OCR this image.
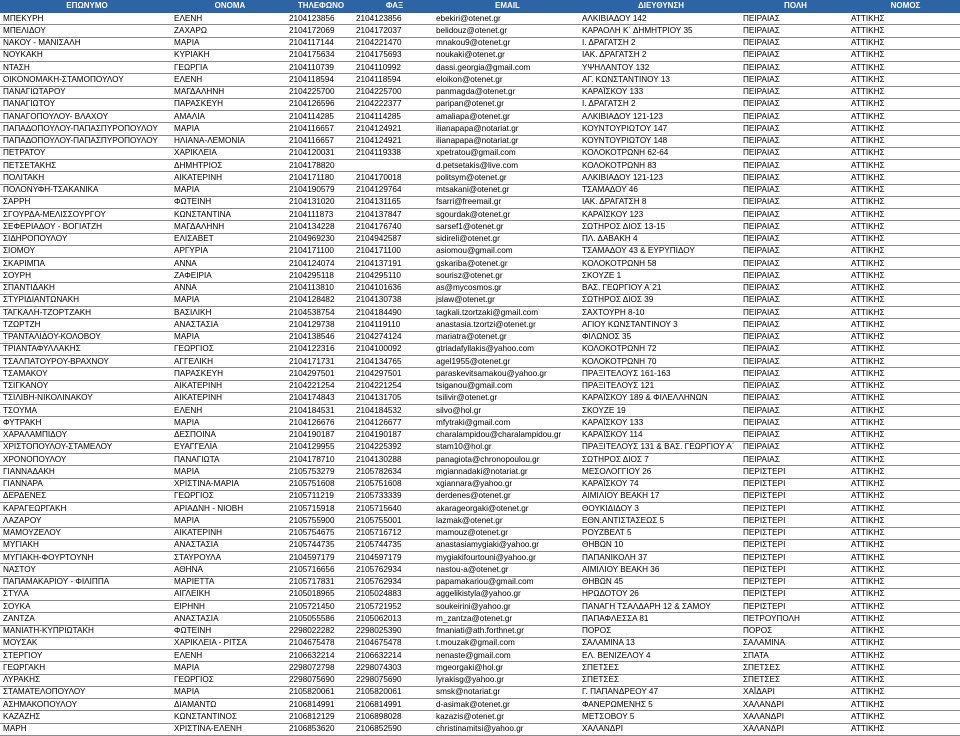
ΕΠΩΝΥΜΟ	ΟΝΟΜΑ	ΤΗΛΕΦΩΝΟ	ΦΑΞ	EMAIL	ΔΙΕΥΘΥΝΣΗ	ΠΟΛΗ	ΝΟΜΟΣ
ΜΠΕΚΥΡΗ	ΕΛΕΝΗ	2104123856	2104123856	ebekiri@otenet.gr	ΑΛΚΙΒΙΑΔΟΥ 142	ΠΕΙΡΑΙΑΣ	ΑΤΤΙΚΗΣ
ΜΠΕΛΙΔΟΥ	ΖΑΧΑΡΩ	2104172069	2104172037	belidouz@otenet.gr	ΚΑΡΑΟΛΗ Κ΄ ΔΗΜΗΤΡΙΟΥ 35	ΠΕΙΡΑΙΑΣ	ΑΤΤΙΚΗΣ
ΝΑΚΟΥ - ΜΑΝΙΣΑΛΗ	ΜΑΡΙΑ	2104117144	2104221470	mnakou9@otenet.gr	Ι. ΔΡΑΓΑΤΣΗ 2	ΠΕΙΡΑΙΑΣ	ΑΤΤΙΚΗΣ
ΝΟΥΚΑΚΗ	ΚΥΡΙΑΚΗ	2104175634	2104175693	noukaki@otenet.gr	ΙΑΚ. ΔΡΑΓΑΤΣΗ 2	ΠΕΙΡΑΙΑΣ	ΑΤΤΙΚΗΣ
ΝΤΑΣΗ	ΓΕΩΡΓΙΑ	2104110739	2104110992	dassi.georgia@gmail.com	ΥΨΗΛΑΝΤΟΥ 132	ΠΕΙΡΑΙΑΣ	ΑΤΤΙΚΗΣ
ΟΙΚΟΝΟΜΑΚΗ-ΣΤΑΜΟΠΟΥΛΟΥ	ΕΛΕΝΗ	2104118594	2104118594	eloikon@otenet.gr	ΑΓ. ΚΩΝΣΤΑΝΤΙΝΟΥ 13	ΠΕΙΡΑΙΑΣ	ΑΤΤΙΚΗΣ
ΠΑΝΑΓΙΩΤΑΡΟΥ	ΜΑΓΔΑΛΗΝΗ	2104225700	2104225700	panmagda@otenet.gr	ΚΑΡΑΪΣΚΟΥ 133	ΠΕΙΡΑΙΑΣ	ΑΤΤΙΚΗΣ
ΠΑΝΑΓΙΩΤΟΥ	ΠΑΡΑΣΚΕΥΗ	2104126596	2104222377	paripan@otenet.gr	Ι. ΔΡΑΓΑΤΣΗ 2	ΠΕΙΡΑΙΑΣ	ΑΤΤΙΚΗΣ
ΠΑΝΑΓΟΠΟΥΛΟΥ- ΒΛΑΧΟΥ	ΑΜΑΛΙΑ	2104114285	2104114285	amaliapa@otenet.gr	ΑΛΚΙΒΙΑΔΟΥ 121-123	ΠΕΙΡΑΙΑΣ	ΑΤΤΙΚΗΣ
ΠΑΠΑΔΟΠΟΥΛΟΥ-ΠΑΠΑΣΠΥΡΟΠΟΥΛΟΥ	ΜΑΡΙΑ	2104116657	2104124921	ilianapapa@notariat.gr	ΚΟΥΝΤΟΥΡΙΩΤΟΥ 147	ΠΕΙΡΑΙΑΣ	ΑΤΤΙΚΗΣ
ΠΑΠΑΔΟΠΟΥΛΟΥ-ΠΑΠΑΣΠΥΡΟΠΟΥΛΟΥ	ΗΛΙΑΝΑ-ΛΕΜΟΝΙΑ	2104116657	2104124921	ilianapapa@notariat.gr	ΚΟΥΝΤΟΥΡΙΩΤΟΥ 148	ΠΕΙΡΑΙΑΣ	ΑΤΤΙΚΗΣ
ΠΕΤΡΑΤΟΥ	ΧΑΡΙΚΛΕΙΑ	2104120031	2104119338	xpetratou@gmail.com	ΚΟΛΟΚΟΤΡΩΝΗ 62-64	ΠΕΙΡΑΙΑΣ	ΑΤΤΙΚΗΣ
ΠΕΤΣΕΤΑΚΗΣ	ΔΗΜΗΤΡΙΟΣ	2104178820		d.petsetakis@live.com	ΚΟΛΟΚΟΤΡΩΝΗ 83	ΠΕΙΡΑΙΑΣ	ΑΤΤΙΚΗΣ
ΠΟΛΙΤΑΚΗ	ΑΙΚΑΤΕΡΙΝΗ	2104171180	2104170018	politsym@otenet.gr	ΑΛΚΙΒΙΑΔΟΥ 121-123	ΠΕΙΡΑΙΑΣ	ΑΤΤΙΚΗΣ
ΠΟΛΟΝΥΦΗ-ΤΣΑΚΑΝΙΚΑ	ΜΑΡΙΑ	2104190579	2104129764	mtsakani@otenet.gr	ΤΣΑΜΑΔΟΥ 46	ΠΕΙΡΑΙΑΣ	ΑΤΤΙΚΗΣ
ΣΑΡΡΗ	ΦΩΤΕΙΝΗ	2104131020	2104131165	fsarri@freemail.gr	ΙΑΚ. ΔΡΑΓΑΤΣΗ 8	ΠΕΙΡΑΙΑΣ	ΑΤΤΙΚΗΣ
ΣΓΟΥΡΔΑ-ΜΕΛΙΣΣΟΥΡΓΟΥ	ΚΩΝΣΤΑΝΤΙΝΑ	2104111873	2104137847	sgourdak@otenet.gr	ΚΑΡΑΪΣΚΟΥ 123	ΠΕΙΡΑΙΑΣ	ΑΤΤΙΚΗΣ
ΣΕΦΕΡΙΑΔΟΥ - ΒΟΓΙΑΤΖΗ	ΜΑΓΔΑΛΗΝΗ	2104134228	2104176740	sarsef1@otenet.gr	ΣΩΤΗΡΟΣ ΔΙΟΣ 13-15	ΠΕΙΡΑΙΑΣ	ΑΤΤΙΚΗΣ
ΣΙΔΗΡΟΠΟΥΛΟΥ	ΕΛΙΣΑΒΕΤ	2104969230	2104942587	sidireli@otenet.gr	ΠΛ. ΔΑΒΑΚΗ 4	ΠΕΙΡΑΙΑΣ	ΑΤΤΙΚΗΣ
ΣΙΟΜΟΥ	ΑΡΓΥΡΙΑ	2104171100	2104171100	asiomou@gmail.com	ΤΣΑΜΑΔΟΥ 43 & ΕΥΡΥΠΙΔΟΥ	ΠΕΙΡΑΙΑΣ	ΑΤΤΙΚΗΣ
ΣΚΑΡΙΜΠΑ	ΑΝΝΑ	2104124074	2104137191	gskariba@otenet.gr	ΚΟΛΟΚΟΤΡΩΝΗ 58	ΠΕΙΡΑΙΑΣ	ΑΤΤΙΚΗΣ
ΣΟΥΡΗ	ΖΑΦΕΙΡΙΑ	2104295118	2104295110	sourisz@otenet.gr	ΣΚΟΥΖΕ 1	ΠΕΙΡΑΙΑΣ	ΑΤΤΙΚΗΣ
ΣΠΑΝΤΙΔΑΚΗ	ΑΝΝΑ	2104113810	2104101636	as@mycosmos.gr	ΒΑΣ. ΓΕΩΡΓΙΟΥ Α΄21	ΠΕΙΡΑΙΑΣ	ΑΤΤΙΚΗΣ
ΣΤΥΡΙΔΙΑΝΤΩΝΑΚΗ	ΜΑΡΙΑ	2104128482	2104130738	jslaw@otenet.gr	ΣΩΤΗΡΟΣ ΔΙΟΣ 39	ΠΕΙΡΑΙΑΣ	ΑΤΤΙΚΗΣ
ΤΑΓΚΑΛΗ-ΤΖΟΡΤΖΑΚΗ	ΒΑΣΙΛΙΚΗ	2104538754	2104184490	tagkali.tzortzaki@gmail.com	ΣΑΧΤΟΥΡΗ 8-10	ΠΕΙΡΑΙΑΣ	ΑΤΤΙΚΗΣ
ΤΖΩΡΤΖΗ	ΑΝΑΣΤΑΣΙΑ	2104129738	2104119110	anastasia.tzortzi@otenet.gr	ΑΓΙΟΥ ΚΩΝΣΤΑΝΤΙΝΟΥ 3	ΠΕΙΡΑΙΑΣ	ΑΤΤΙΚΗΣ
ΤΡΑΝΤΑΛΙΔΟΥ-ΚΟΛΟΒΟΥ	ΜΑΡΙΑ	2104138546	2104274124	mariatra@otenet.gr	ΦΙΛΩΝΟΣ 35	ΠΕΙΡΑΙΑΣ	ΑΤΤΙΚΗΣ
ΤΡΙΑΝΤΑΦΥΛΛΑΚΗΣ	ΓΕΩΡΓΙΟΣ	2104122316	2104100092	gtriadafyllakis@yahoo.com	ΚΟΛΟΚΟΤΡΩΝΗ 72	ΠΕΙΡΑΙΑΣ	ΑΤΤΙΚΗΣ
ΤΣΑΛΠΑΤΟΥΡΟΥ-ΒΡΑΧΝΟΥ	ΑΓΓΕΛΙΚΗ	2104171731	2104134765	agel1955@otenet.gr	ΚΟΛΟΚΟΤΡΩΝΗ 70	ΠΕΙΡΑΙΑΣ	ΑΤΤΙΚΗΣ
ΤΣΑΜΑΚΟΥ	ΠΑΡΑΣΚΕΥΗ	2104297501	2104297501	paraskevitsamakou@yahoo.gr	ΠΡΑΞΙΤΕΛΟΥΣ 161-163	ΠΕΙΡΑΙΑΣ	ΑΤΤΙΚΗΣ
ΤΣΙΓΚΑΝΟΥ	ΑΙΚΑΤΕΡΙΝΗ	2104221254	2104221254	tsiganou@gmail.com	ΠΡΑΞΙΤΕΛΟΥΣ 121	ΠΕΙΡΑΙΑΣ	ΑΤΤΙΚΗΣ
ΤΣΙΛΙΒΗ-ΝΙΚΟΛΙΝΑΚΟΥ	ΑΙΚΑΤΕΡΙΝΗ	2104174843	2104131705	tsilivir@otenet.gr	ΚΑΡΑΪΣΚΟΥ 189 & ΦΙΛΕΛΛΗΝΩΝ	ΠΕΙΡΑΙΑΣ	ΑΤΤΙΚΗΣ
ΤΣΟΥΜΑ	ΕΛΕΝΗ	2104184531	2104184532	silvo@hol.gr	ΣΚΟΥΖΕ 19	ΠΕΙΡΑΙΑΣ	ΑΤΤΙΚΗΣ
ΦΥΤΡΑΚΗ	ΜΑΡΙΑ	2104126676	2104126677	mfytraki@gmail.com	ΚΑΡΑΪΣΚΟΥ 133	ΠΕΙΡΑΙΑΣ	ΑΤΤΙΚΗΣ
ΧΑΡΑΛΑΜΠΙΔΟΥ	ΔΕΣΠΟΙΝΑ	2104190187	2104190187	charalampidou@charalampidou.gr	ΚΑΡΑΪΣΚΟΥ 114	ΠΕΙΡΑΙΑΣ	ΑΤΤΙΚΗΣ
ΧΡΙΣΤΟΠΟΥΛΟΥ-ΣΤΑΜΕΛΟΥ	ΕΥΑΓΓΕΛΙΑ	2104129955	2104225392	stam10@hol.gr	ΠΡΑΞΙΤΕΛΟΥΣ 131 & ΒΑΣ. ΓΕΩΡΓΙΟΥ Α΄	ΠΕΙΡΑΙΑΣ	ΑΤΤΙΚΗΣ
ΧΡΟΝΟΠΟΥΛΟΥ	ΠΑΝΑΓΙΩΤΑ	2104178710	2104130288	panagiota@chronopoulou.gr	ΣΩΤΗΡΟΣ ΔΙΟΣ 7	ΠΕΙΡΑΙΑΣ	ΑΤΤΙΚΗΣ
ΓΙΑΝΝΑΔΑΚΗ	ΜΑΡΙΑ	2105753279	2105782634	mgiannadaki@notariat.gr	ΜΕΣΟΛΟΓΓΙΟΥ 26	ΠΕΡΙΣΤΕΡΙ	ΑΤΤΙΚΗΣ
ΓΙΑΝΝΑΡΑ	ΧΡΙΣΤΙΝΑ-ΜΑΡΙΑ	2105751608	2105751608	xgiannara@yahoo.gr	ΚΑΡΑΪΣΚΟΥ 74	ΠΕΡΙΣΤΕΡΙ	ΑΤΤΙΚΗΣ
ΔΕΡΔΕΝΕΣ	ΓΕΩΡΓΙΟΣ	2105711219	2105733339	derdenes@otenet.gr	ΑΙΜΙΛΙΟΥ ΒΕΑΚΗ 17	ΠΕΡΙΣΤΕΡΙ	ΑΤΤΙΚΗΣ
ΚΑΡΑΓΕΩΡΓΑΚΗ	ΑΡΙΑΔΝΗ - ΝΙΟΒΗ	2105715918	2105715640	akarageorgaki@otenet.gr	ΘΟΥΚΙΔΙΔΟΥ 3	ΠΕΡΙΣΤΕΡΙ	ΑΤΤΙΚΗΣ
ΛΑΖΑΡΟΥ	ΜΑΡΙΑ	2105755900	2105755001	lazmak@otenet.gr	ΕΘΝ.ΑΝΤΙΣΤΑΣΕΩΣ 5	ΠΕΡΙΣΤΕΡΙ	ΑΤΤΙΚΗΣ
ΜΑΜΟΥΖΕΛΟΥ	ΑΙΚΑΤΕΡΙΝΗ	2105754675	2105716712	mamouz@otenet.gr	ΡΟΥΖΒΕΛΤ 5	ΠΕΡΙΣΤΕΡΙ	ΑΤΤΙΚΗΣ
ΜΥΓΙΑΚΗ	ΑΝΑΣΤΑΣΙΑ	2105744735	2105744735	anastasiamygiaki@yahoo.gr	ΘΗΒΩΝ 10	ΠΕΡΙΣΤΕΡΙ	ΑΤΤΙΚΗΣ
ΜΥΓΙΑΚΗ-ΦΟΥΡΤΟΥΝΗ	ΣΤΑΥΡΟΥΛΑ	2104597179	2104597179	mygiakifourtouni@yahoo.gr	ΠΑΠΑΝΙΚΟΛΗ 37	ΠΕΡΙΣΤΕΡΙ	ΑΤΤΙΚΗΣ
ΝΑΣΤΟΥ	ΑΘΗΝΑ	2105716656	2105762934	nastou-a@otenet.gr	ΑΙΜΙΛΙΟΥ ΒΕΑΚΗ 36	ΠΕΡΙΣΤΕΡΙ	ΑΤΤΙΚΗΣ
ΠΑΠΑΜΑΚΑΡΙΟΥ - ΦΙΛΙΠΠΑ	ΜΑΡΙΕΤΤΑ	2105717831	2105762934	papamakariou@gmail.com	ΘΗΒΩΝ 45	ΠΕΡΙΣΤΕΡΙ	ΑΤΤΙΚΗΣ
ΣΤΥΛΑ	ΑΙΓΛΕΙΚΗ	2105018965	2105024883	aggelikistyla@yahoo.gr	ΗΡΩΔΟΤΟΥ 26	ΠΕΡΙΣΤΕΡΙ	ΑΤΤΙΚΗΣ
ΣΟΥΚΑ	ΕΙΡΗΝΗ	2105721450	2105721952	soukeirini@yahoo.gr	ΠΑΝΑΓΗ ΤΣΑΛΔΑΡΗ 12 & ΣΑΜΟΥ	ΠΕΡΙΣΤΕΡΙ	ΑΤΤΙΚΗΣ
ΖΑΝΤΖΑ	ΑΝΑΣΤΑΣΙΑ	2105055586	2105062013	m_zantza@otenet.gr	ΠΑΠΑΦΛΕΣΣΑ 81	ΠΕΤΡΟΥΠΟΛΗ	ΑΤΤΙΚΗΣ
ΜΑΝΙΑΤΗ-ΚΥΠΡΙΩΤΑΚΗ	ΦΩΤΕΙΝΗ	2298022282	2298025390	fmaniati@ath.forthnet.gr	ΠΟΡΟΣ	ΠΟΡΟΣ	ΑΤΤΙΚΗΣ
ΜΟΥΣΑΚ	ΧΑΡΙΚΛΕΙΑ - ΡΙΤΣΑ	2104675478	2104675478	t.mouzak@gmail.com	ΣΑΛΑΜΙΝΑ 13	ΣΑΛΑΜΙΝΑ	ΑΤΤΙΚΗΣ
ΣΤΕΡΓΙΟΥ	ΕΛΕΝΗ	2106632214	2106632214	nenaste@gmail.com	ΕΛ. ΒΕΝΙΖΕΛΟΥ 4	ΣΠΑΤΑ	ΑΤΤΙΚΗΣ
ΓΕΩΡΓΑΚΗ	ΜΑΡΙΑ	2298072798	2298074303	mgeorgaki@hol.gr	ΣΠΕΤΣΕΣ	ΣΠΕΤΣΕΣ	ΑΤΤΙΚΗΣ
ΛΥΡΑΚΗΣ	ΓΕΩΡΓΙΟΣ	2298075690	2298075690	lyrakisg@yahoo.gr	ΣΠΕΤΣΕΣ	ΣΠΕΤΣΕΣ	ΑΤΤΙΚΗΣ
ΣΤΑΜΑΤΕΛΟΠΟΥΛΟΥ	ΜΑΡΙΑ	2105820061	2105820061	smsk@notariat.gr	Γ. ΠΑΠΑΝΔΡΕΟΥ 47	ΧΑΪΔΑΡΙ	ΑΤΤΙΚΗΣ
ΑΣΗΜΑΚΟΠΟΥΛΟΥ	ΔΙΑΜΑΝΤΩ	2106814991	2106814991	d-asimak@otenet.gr	ΦΑΝΕΡΩΜΕΝΗΣ 5	ΧΑΛΑΝΔΡΙ	ΑΤΤΙΚΗΣ
ΚΑΖΑΖΗΣ	ΚΩΝΣΤΑΝΤΙΝΟΣ	2106812129	2106898028	kazazis@otenet.gr	ΜΕΤΣΟΒΟΥ 5	ΧΑΛΑΝΔΡΙ	ΑΤΤΙΚΗΣ
ΜΑΡΗ	ΧΡΙΣΤΙΝΑ-ΕΛΕΝΗ	2106853620	2106852590	christinamitsi@yahoo.gr	ΧΑΛΑΝΔΡΙ	ΧΑΛΑΝΔΡΙ	ΑΤΤΙΚΗΣ
